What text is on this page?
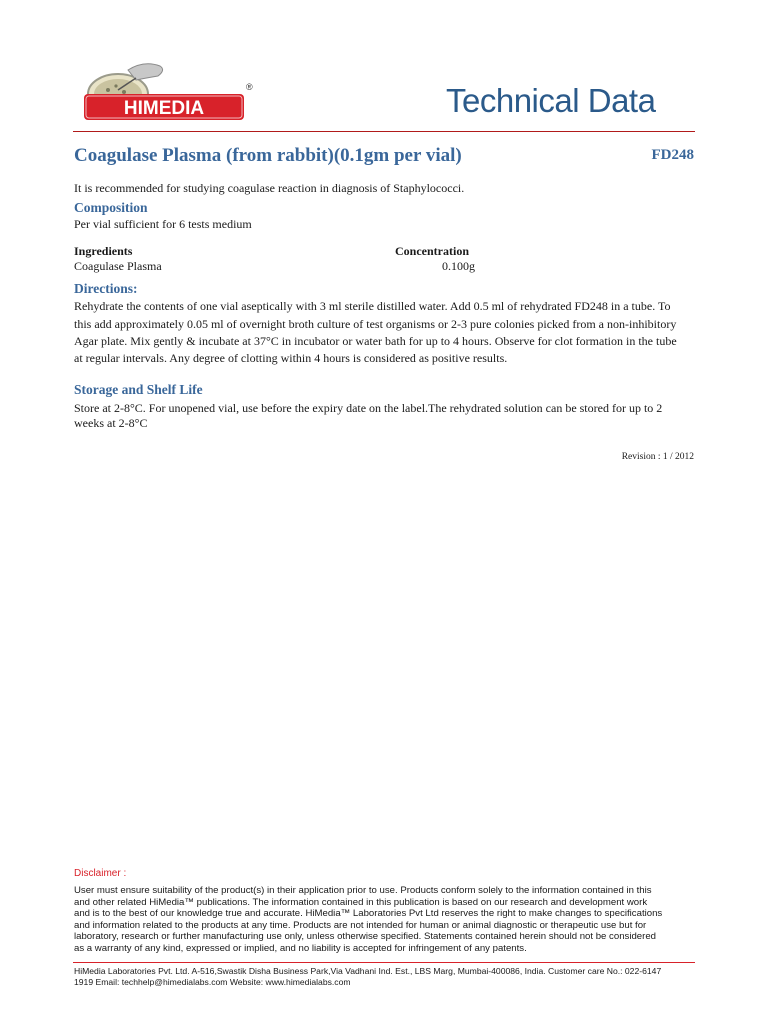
HIMEDIA
®	Technical Data
Coagulase Plasma (from rabbit)(0.1gm per vial)	FD248
It is recommended for studying coagulase reaction in diagnosis of Staphylococci.
Composition
Per vial sufficient for 6 tests medium
Ingredients	Concentration
Coagulase Plasma	0.100g
Directions:
Rehydrate the contents of one vial aseptically with 3 ml sterile distilled water. Add 0.5 ml of rehydrated FD248 in a tube. To
this add approximately 0.05 ml of overnight broth culture of test organisms or 2-3 pure colonies picked from a non-inhibitory
Agar plate. Mix gently & incubate at 37°C in incubator or water bath for up to 4 hours. Observe for clot formation in the tube
at regular intervals. Any degree of clotting within 4 hours is considered as positive results.
Storage and Shelf Life
Store at 2-8°C. For unopened vial, use before the expiry date on the label.The rehydrated solution can be stored for up to 2
weeks at 2-8°C
Revision : 1 / 2012
Disclaimer :
User must ensure suitability of the product(s) in their application prior to use. Products conform solely to the information contained in this
and other related HiMedia™ publications. The information contained in this publication is based on our research and development work
and is to the best of our knowledge true and accurate. HiMedia™ Laboratories Pvt Ltd reserves the right to make changes to specifications
and information related to the products at any time. Products are not intended for human or animal diagnostic or therapeutic use but for
laboratory, research or further manufacturing use only, unless otherwise specified. Statements contained herein should not be considered
as a warranty of any kind, expressed or implied, and no liability is accepted for infringement of any patents.
HiMedia Laboratories Pvt. Ltd. A-516,Swastik Disha Business Park,Via Vadhani Ind. Est., LBS Marg, Mumbai-400086, India. Customer care No.: 022-6147
1919 Email: techhelp@himedialabs.com Website: www.himedialabs.com
